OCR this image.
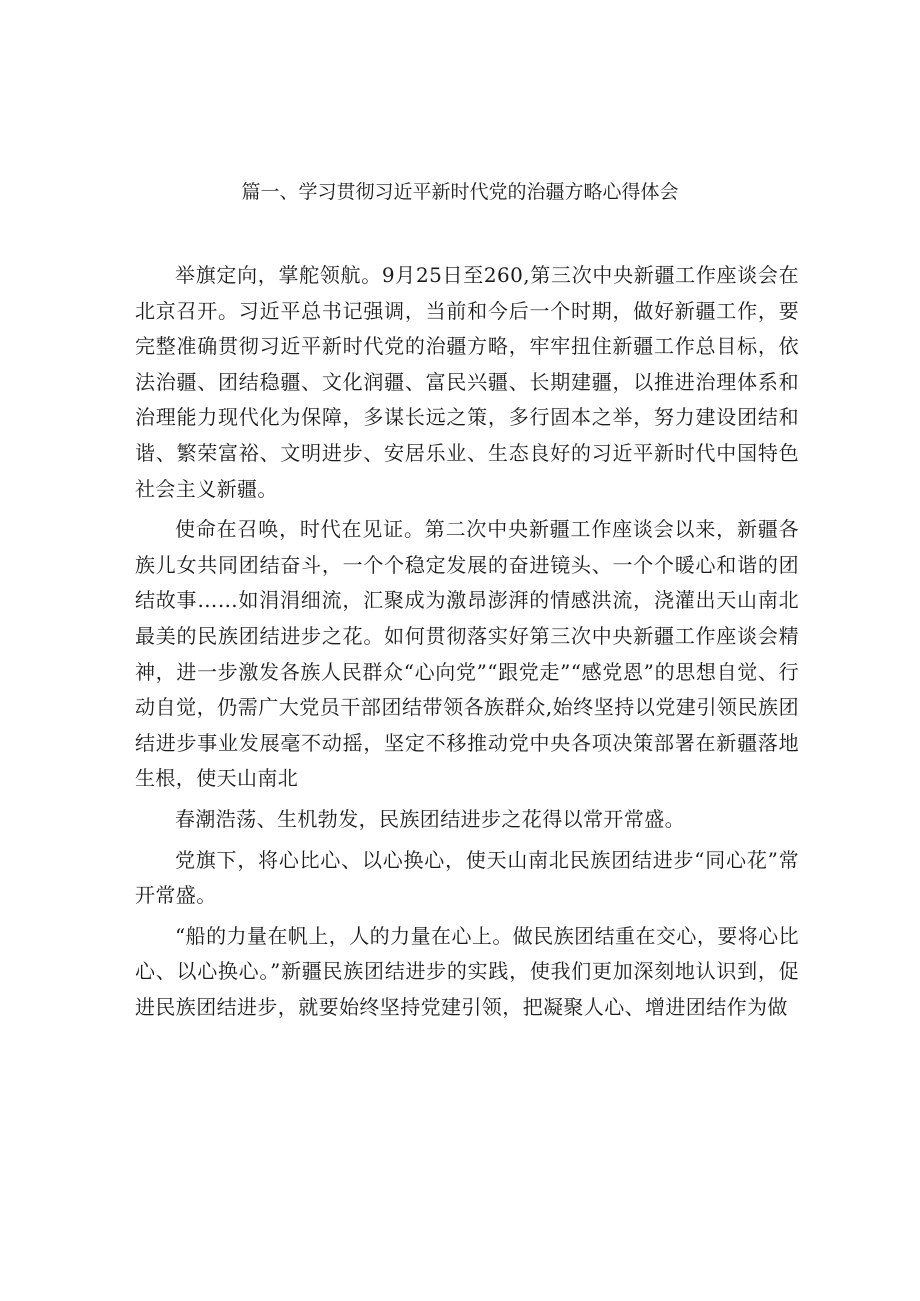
篇一、学习贯彻习近平新时代党的治疆方略心得体会

举旗定向，掌舵领航。9月25日至260,第三次中央新疆工作座谈会在北京召开。习近平总书记强调，当前和今后一个时期，做好新疆工作，要完整准确贯彻习近平新时代党的治疆方略，牢牢扭住新疆工作总目标，依法治疆、团结稳疆、文化润疆、富民兴疆、长期建疆，以推进治理体系和治理能力现代化为保障，多谋长远之策，多行固本之举，努力建设团结和谐、繁荣富裕、文明进步、安居乐业、生态良好的习近平新时代中国特色社会主义新疆。

使命在召唤，时代在见证。第二次中央新疆工作座谈会以来，新疆各族儿女共同团结奋斗，一个个稳定发展的奋进镜头、一个个暖心和谐的团结故事……如涓涓细流，汇聚成为激昂澎湃的情感洪流，浇灌出天山南北最美的民族团结进步之花。如何贯彻落实好第三次中央新疆工作座谈会精神，进一步激发各族人民群众“心向党”“跟党走”“感党恩”的思想自觉、行动自觉，仍需广大党员干部团结带领各族群众,始终坚持以党建引领民族团结进步事业发展毫不动摇，坚定不移推动党中央各项决策部署在新疆落地生根，使天山南北

春潮浩荡、生机勃发，民族团结进步之花得以常开常盛。

党旗下，将心比心、以心换心，使天山南北民族团结进步“同心花”常开常盛。

“船的力量在帆上，人的力量在心上。做民族团结重在交心，要将心比心、以心换心。”新疆民族团结进步的实践，使我们更加深刻地认识到，促进民族团结进步，就要始终坚持党建引领，把凝聚人心、增进团结作为做
